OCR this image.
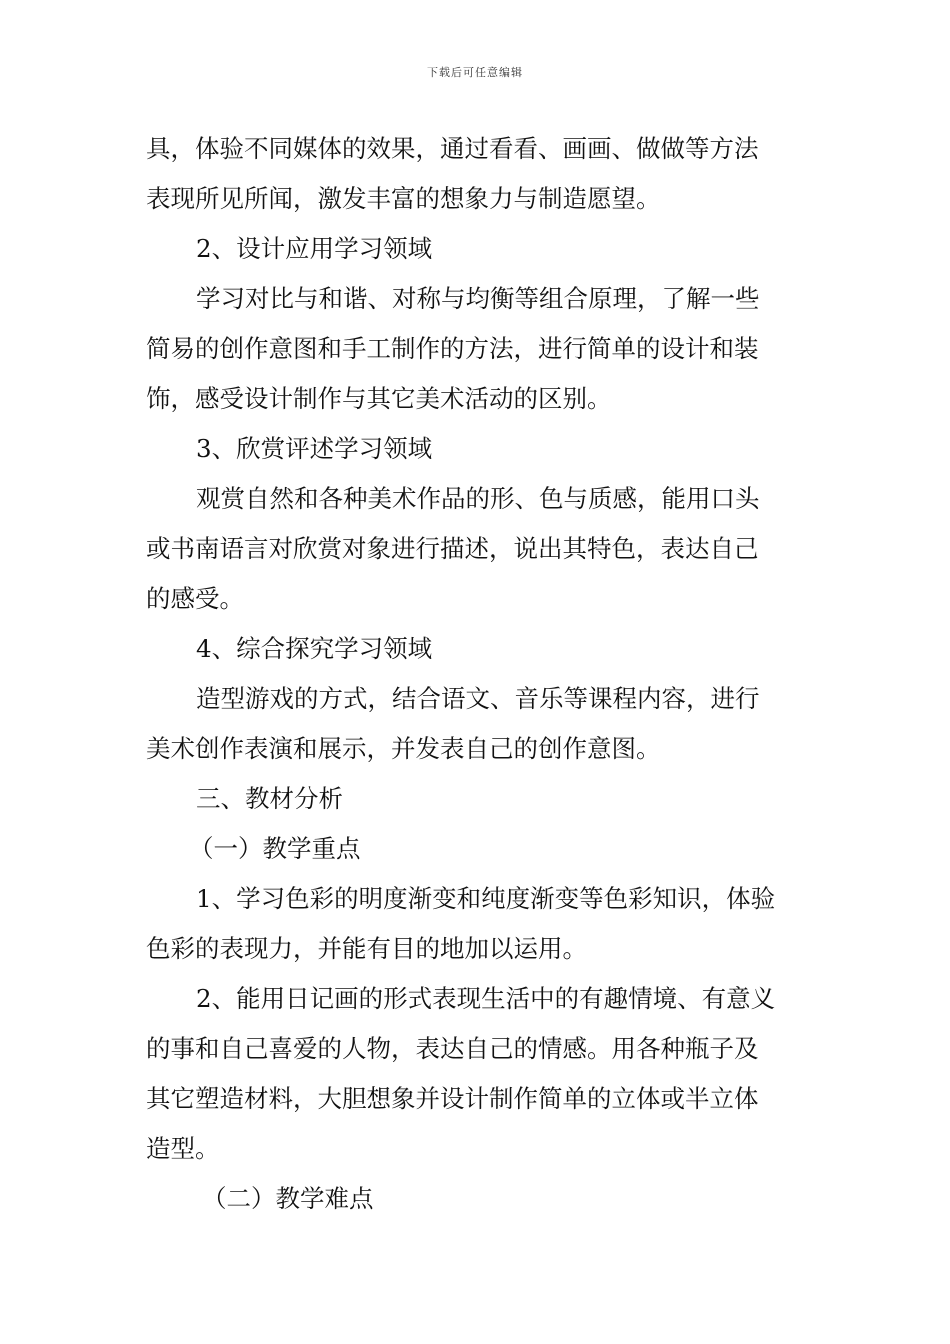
下载后可任意编辑
具，体验不同媒体的效果，通过看看、画画、做做等方法
表现所见所闻，激发丰富的想象力与制造愿望。
2、设计应用学习领域
学习对比与和谐、对称与均衡等组合原理，了解一些
简易的创作意图和手工制作的方法，进行简单的设计和装
饰，感受设计制作与其它美术活动的区别。
3、欣赏评述学习领域
观赏自然和各种美术作品的形、色与质感，能用口头
或书南语言对欣赏对象进行描述，说出其特色，表达自己
的感受。
4、综合探究学习领域
造型游戏的方式，结合语文、音乐等课程内容，进行
美术创作表演和展示，并发表自己的创作意图。
三、教材分析
（一）教学重点
1、学习色彩的明度渐变和纯度渐变等色彩知识，体验
色彩的表现力，并能有目的地加以运用。
2、能用日记画的形式表现生活中的有趣情境、有意义
的事和自己喜爱的人物，表达自己的情感。用各种瓶子及
其它塑造材料，大胆想象并设计制作简单的立体或半立体
造型。
（二）教学难点
